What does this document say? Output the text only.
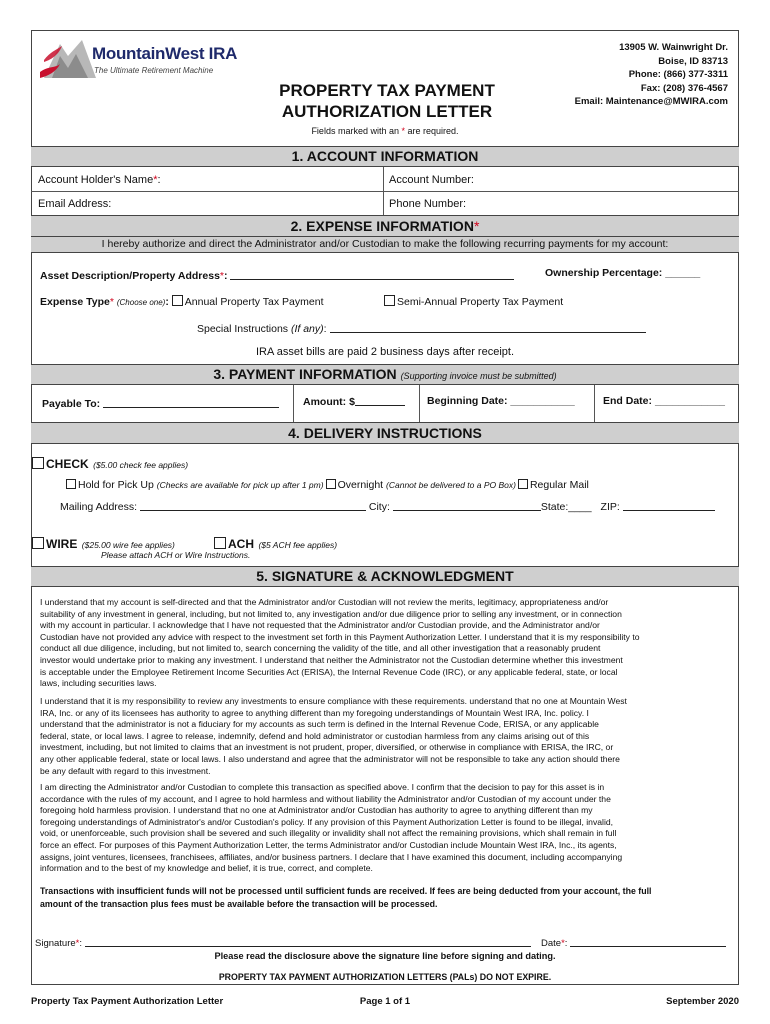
MountainWest IRA
The Ultimate Retirement Machine
PROPERTY TAX PAYMENT
AUTHORIZATION LETTER
13905 W. Wainwright Dr.
Boise, ID 83713
Phone: (866) 377-3311
Fax: (208) 376-4567
Email: Maintenance@MWIRA.com
Fields marked with an * are required.
1. ACCOUNT INFORMATION
Account Holder's Name*:	Account Number:
Email Address:	Phone Number:
2. EXPENSE INFORMATION*
I hereby authorize and direct the Administrator and/or Custodian to make the following recurring payments for my account:
Asset Description/Property Address*:	Ownership Percentage: ______
Expense Type* (Choose one): Annual Property Tax Payment	Semi-Annual Property Tax Payment
Special Instructions (If any):
IRA asset bills are paid 2 business days after receipt.
3. PAYMENT INFORMATION (Supporting invoice must be submitted)
Payable To:	Amount: $	Beginning Date: ___________	End Date: ____________
4. DELIVERY INSTRUCTIONS
CHECK ($5.00 check fee applies)
Hold for Pick Up (Checks are available for pick up after 1 pm) Overnight (Cannot be delivered to a PO Box) Regular Mail
Mailing Address:	City:	State:____ ZIP:
WIRE ($25.00 wire fee applies)	ACH ($5 ACH fee applies)
Please attach ACH or Wire Instructions.
5. SIGNATURE & ACKNOWLEDGMENT
I understand that my account is self-directed and that the Administrator and/or Custodian will not review the merits, legitimacy, appropriateness and/or
suitability of any investment in general, including, but not limited to, any investigation and/or due diligence prior to selling any investment, or in connection
with my account in particular. I acknowledge that I have not requested that the Administrator and/or Custodian provide, and the Administrator and/or
Custodian have not provided any advice with respect to the investment set forth in this Payment Authorization Letter. I understand that it is my responsibility to
conduct all due diligence, including, but not limited to, search concerning the validity of the title, and all other investigation that a reasonably prudent
investor would undertake prior to making any investment. I understand that neither the Administrator not the Custodian determine whether this investment
is acceptable under the Employee Retirement Income Securities Act (ERISA), the Internal Revenue Code (IRC), or any applicable federal, state, or local
laws, including securities laws.
I understand that it is my responsibility to review any investments to ensure compliance with these requirements. understand that no one at Mountain West
IRA, Inc. or any of its licensees has authority to agree to anything different than my foregoing understandings of Mountain West IRA, Inc. policy. I
understand that the administrator is not a fiduciary for my accounts as such term is defined in the Internal Revenue Code, ERISA, or any applicable
federal, state, or local laws. I agree to release, indemnify, defend and hold administrator or custodian harmless from any claims arising out of this
investment, including, but not limited to claims that an investment is not prudent, proper, diversified, or otherwise in compliance with ERISA, the IRC, or
any other applicable federal, state or local laws. I also understand and agree that the administrator will not be responsible to take any action should there
be any default with regard to this investment.
I am directing the Administrator and/or Custodian to complete this transaction as specified above. I confirm that the decision to pay for this asset is in
accordance with the rules of my account, and I agree to hold harmless and without liability the Administrator and/or Custodian of my account under the
foregoing hold harmless provision. I understand that no one at Administrator and/or Custodian has authority to agree to anything different than my
foregoing understandings of Administrator's and/or Custodian's policy. If any provision of this Payment Authorization Letter is found to be illegal, invalid,
void, or unenforceable, such provision shall be severed and such illegality or invalidity shall not affect the remaining provisions, which shall remain in full
force an effect. For purposes of this Payment Authorization Letter, the terms Administrator and/or Custodian include Mountain West IRA, Inc., its agents,
assigns, joint ventures, licensees, franchisees, affiliates, and/or business partners. I declare that I have examined this document, including accompanying
information and to the best of my knowledge and belief, it is true, correct, and complete.
Transactions with insufficient funds will not be processed until sufficient funds are received. If fees are being deducted from your account, the full
amount of the transaction plus fees must be available before the transaction will be processed.
Signature*:	Date*:
Please read the disclosure above the signature line before signing and dating.
PROPERTY TAX PAYMENT AUTHORIZATION LETTERS (PALs) DO NOT EXPIRE.
Property Tax Payment Authorization Letter	Page 1 of 1	September 2020
